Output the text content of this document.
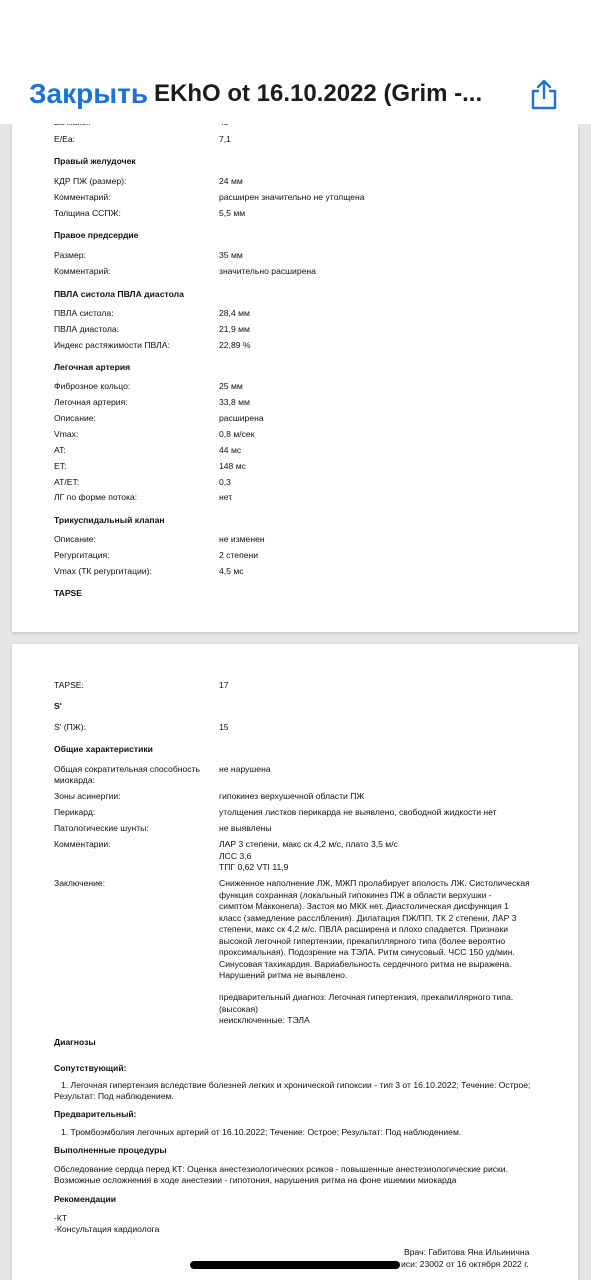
Закрыть EKhO ot 16.10.2022 (Grim -...
E/Ea:	7,1
Правый желудочек
КДР ПЖ (размер):	24 мм
Комментарий:	расширен значительно не утолщена
Толщина ССПЖ:	5,5 мм
Правое предсердие
Размер:	35 мм
Комментарий:	значительно расширена
ПВЛА систола ПВЛА диастола
ПВЛА систола:	28,4 мм
ПВЛА диастола:	21,9 мм
Индекс растяжимости ПВЛА:	22,89 %
Легочная артерия
Фиброзное кольцо:	25 мм
Легочная артерия:	33,8 мм
Описание:	расширена
Vmax:	0,8 м/сек
AT:	44 мс
ET:	148 мс
AT/ET:	0,3
ЛГ по форме потока:	нет
Трикуспидальный клапан
Описание:	не изменен
Регургитация:	2 степени
Vmax (ТК регургитации):	4,5 мс
TAPSE
TAPSE:	17
S'
S' (ПЖ):	15
Общие характеристики
Общая сократительная способность
миокарда:
не нарушена
Зоны асинергии:	гипокинез верхушечной области ПЖ
Перикард:	утолщения листков перикарда не выявлено, свободной жидкости нет
Патологические шунты:	не выявлены
Комментарии:	ЛАР 3 степени, макс ск 4,2 м/с, плато 3,5 м/с
ЛСС 3,6
ТПГ 0,62 VTI 11,9
Заключение:	Сниженное наполнение ЛЖ, МЖП пролабирует вполость ЛЖ. Систолическая
функция сохранная (локальный гипокинез ПЖ в области верхушки -
симптом Макконела). Застоя мо МКК нет. Диастолическая дисфункция 1
класс (замедление расслбления). Дилатация ПЖ/ПП. ТК 2 степени, ЛАР 3
степени, макс ск 4,2 м/с. ПВЛА расширена и плохо спадается. Признаки
высокой легочной гипертензии, прекапиллярного типа (более вероятно
проксимальная). Подозрение на ТЭЛА. Ритм синусовый. ЧСС 150 уд/мин.
Синусовая тахикардия. Вариабельность сердечного ритма не выражена.
Нарушений ритма не выявлено.
предварительный диагноз: Легочная гипертензия, прекапиллярного типа.
(высокая)
неисключенные: ТЭЛА
Диагнозы
Сопутствующий:
1. Легочная гипертензия вследствие болезней легких и хронической гипоксии - тип 3 от 16.10.2022; Течение: Острое;
Результат: Под наблюдением.
Предварительный:
1. Тромбоэмболия легочных артерий от 16.10.2022; Течение: Острое; Результат: Под наблюдением.
Выполненные процедуры
Обследование сердца перед КТ: Оценка анестезиологических рсиков - повышенные анестезиологические риски.
Возможные осложнения в ходе анестезии - гипотония, нарушения ритма на фоне ишемии миокарда
Рекомендации
-КТ
-Консультация кардиолога
Врач: Габитова Яна Ильинична
иси: 23002 от 16 октября 2022 г.
